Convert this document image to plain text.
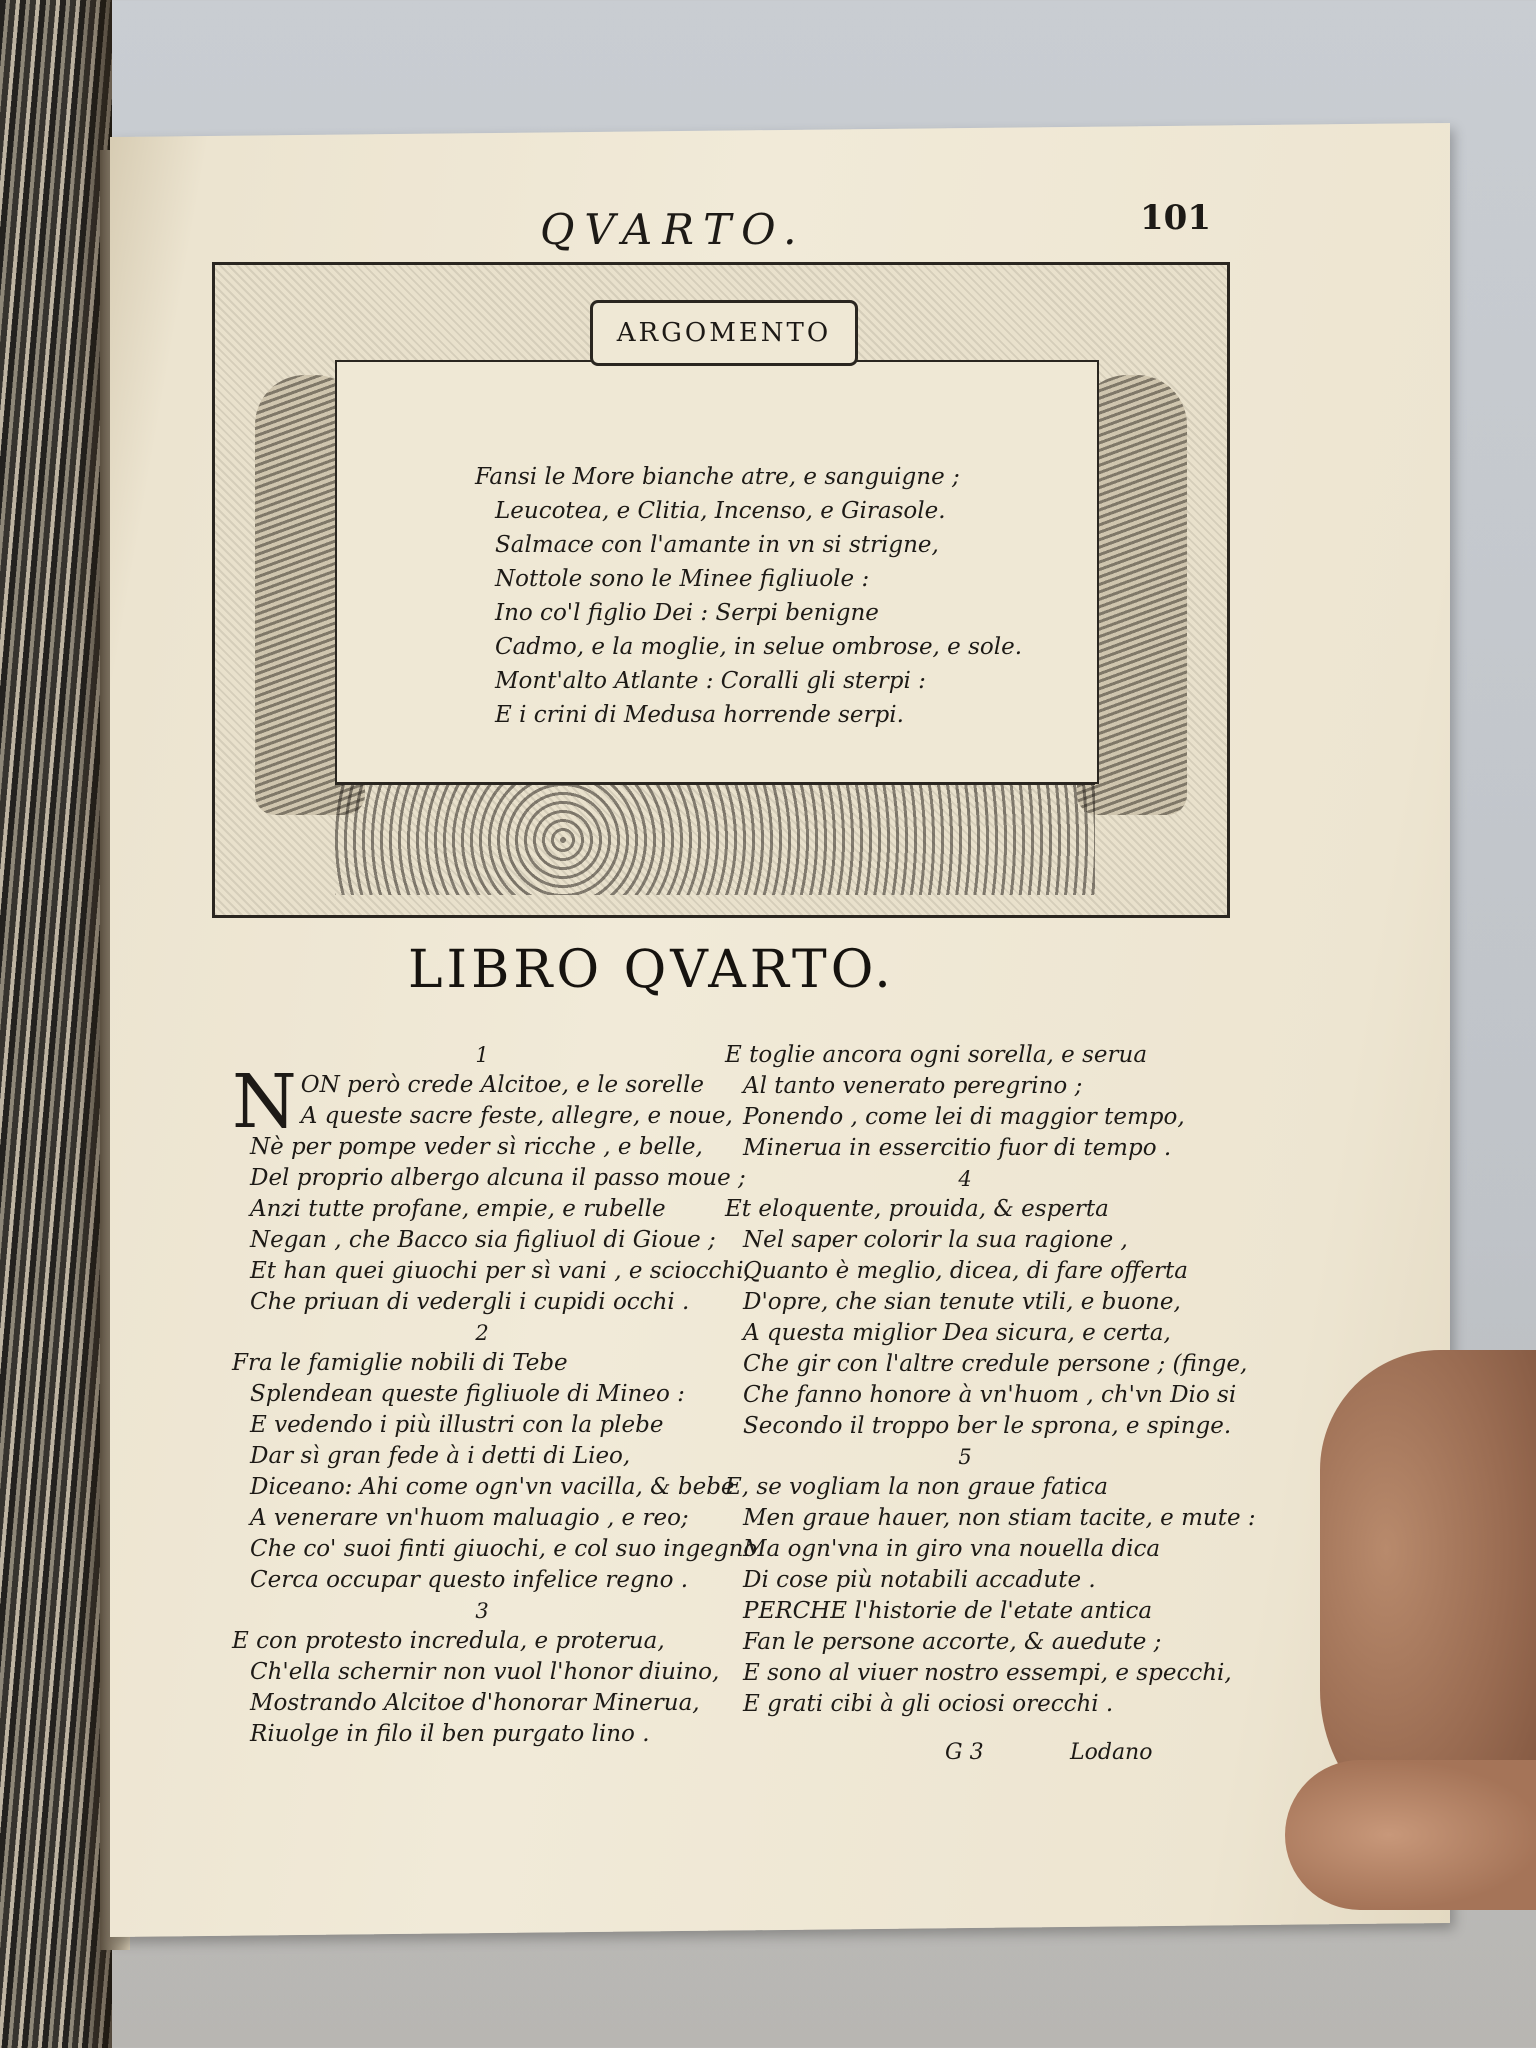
QVARTO.	101
ARGOMENTO
Fansi le More bianche atre, e sanguigne ;
Leucotea, e Clitia, Incenso, e Girasole.
Salmace con l'amante in vn si strigne,
Nottole sono le Minee figliuole :
Ino co'l figlio Dei : Serpi benigne
Cadmo, e la moglie, in selue ombrose, e sole.
Mont'alto Atlante : Coralli gli sterpi :
E i crini di Medusa horrende serpi.
LIBRO QVARTO.
1
NON però crede Alcitoe, e le sorelle
A queste sacre feste, allegre, e noue,
Nè per pompe veder sì ricche , e belle,
Del proprio albergo alcuna il passo moue ;
Anzi tutte profane, empie, e rubelle
Negan , che Bacco sia figliuol di Gioue ;
Et han quei giuochi per sì vani , e sciocchi,
Che priuan di vedergli i cupidi occhi .
2
Fra le famiglie nobili di Tebe
Splendean queste figliuole di Mineo :
E vedendo i più illustri con la plebe
Dar sì gran fede à i detti di Lieo,
Diceano: Ahi come ogn'vn vacilla, & bebe
A venerare vn'huom maluagio , e reo;
Che co' suoi finti giuochi, e col suo ingegno
Cerca occupar questo infelice regno .
3
E con protesto incredula, e proterua,
Ch'ella schernir non vuol l'honor diuino,
Mostrando Alcitoe d'honorar Minerua,
Riuolge in filo il ben purgato lino .
E toglie ancora ogni sorella, e serua
Al tanto venerato peregrino ;
Ponendo , come lei di maggior tempo,
Minerua in essercitio fuor di tempo .
4
Et eloquente, prouida, & esperta
Nel saper colorir la sua ragione ,
Quanto è meglio, dicea, di fare offerta
D'opre, che sian tenute vtili, e buone,
A questa miglior Dea sicura, e certa,
Che gir con l'altre credule persone ; (finge,
Che fanno honore à vn'huom , ch'vn Dio si
Secondo il troppo ber le sprona, e spinge.
5
E, se vogliam la non graue fatica
Men graue hauer, non stiam tacite, e mute :
Ma ogn'vna in giro vna nouella dica
Di cose più notabili accadute .
PERCHE l'historie de l'etate antica
Fan le persone accorte, & auedute ;
E sono al viuer nostro essempi, e specchi,
E grati cibi à gli ociosi orecchi .
G 3	Lodano
